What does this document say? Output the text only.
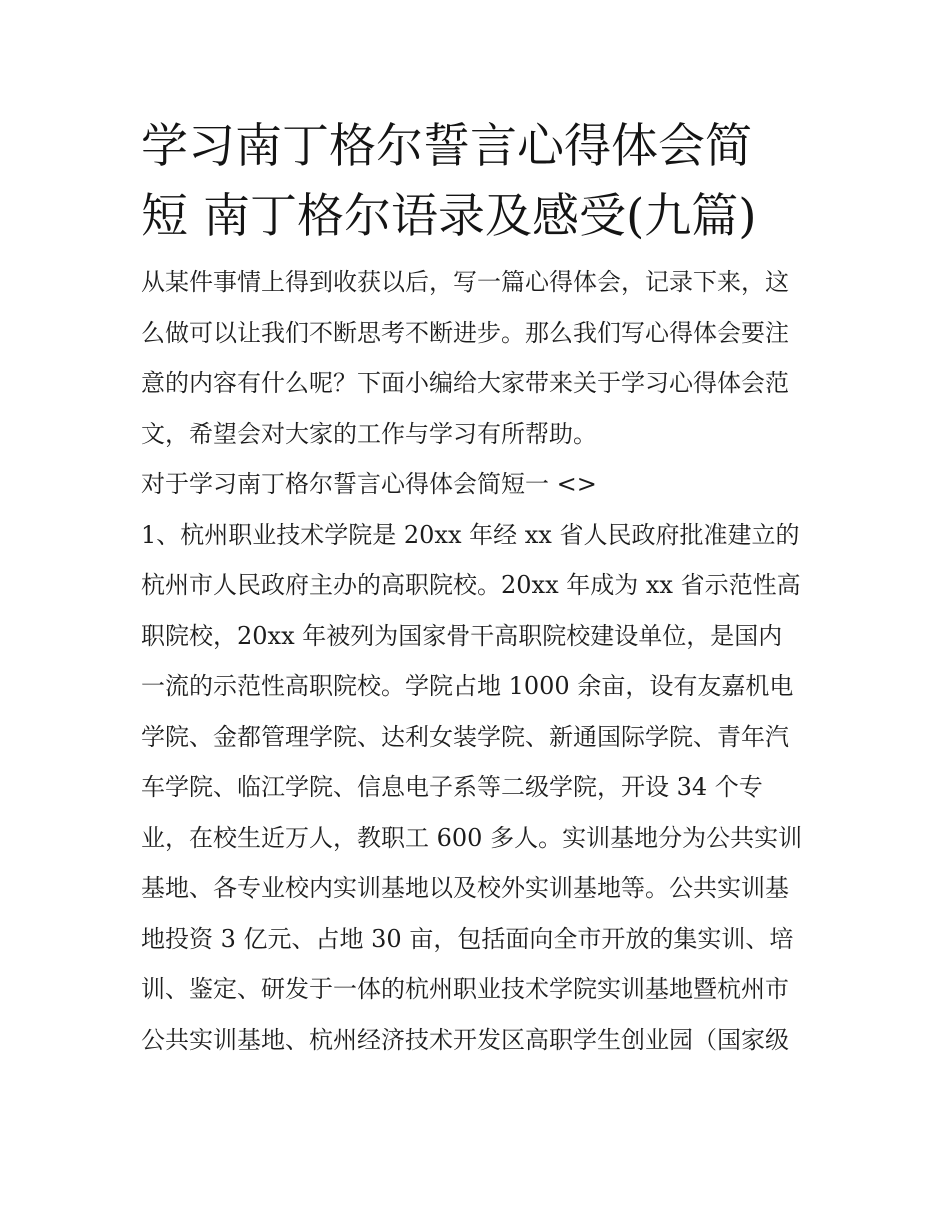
学习南丁格尔誓言心得体会简
短 南丁格尔语录及感受(九篇)
从某件事情上得到收获以后，写一篇心得体会，记录下来，这
么做可以让我们不断思考不断进步。那么我们写心得体会要注
意的内容有什么呢？下面小编给大家带来关于学习心得体会范
文，希望会对大家的工作与学习有所帮助。
对于学习南丁格尔誓言心得体会简短一 <>
1、杭州职业技术学院是 20xx 年经 xx 省人民政府批准建立的
杭州市人民政府主办的高职院校。20xx 年成为 xx 省示范性高
职院校，20xx 年被列为国家骨干高职院校建设单位，是国内
一流的示范性高职院校。学院占地 1000 余亩，设有友嘉机电
学院、金都管理学院、达利女装学院、新通国际学院、青年汽
车学院、临江学院、信息电子系等二级学院，开设 34 个专
业，在校生近万人，教职工 600 多人。实训基地分为公共实训
基地、各专业校内实训基地以及校外实训基地等。公共实训基
地投资 3 亿元、占地 30 亩，包括面向全市开放的集实训、培
训、鉴定、研发于一体的杭州职业技术学院实训基地暨杭州市
公共实训基地、杭州经济技术开发区高职学生创业园（国家级
